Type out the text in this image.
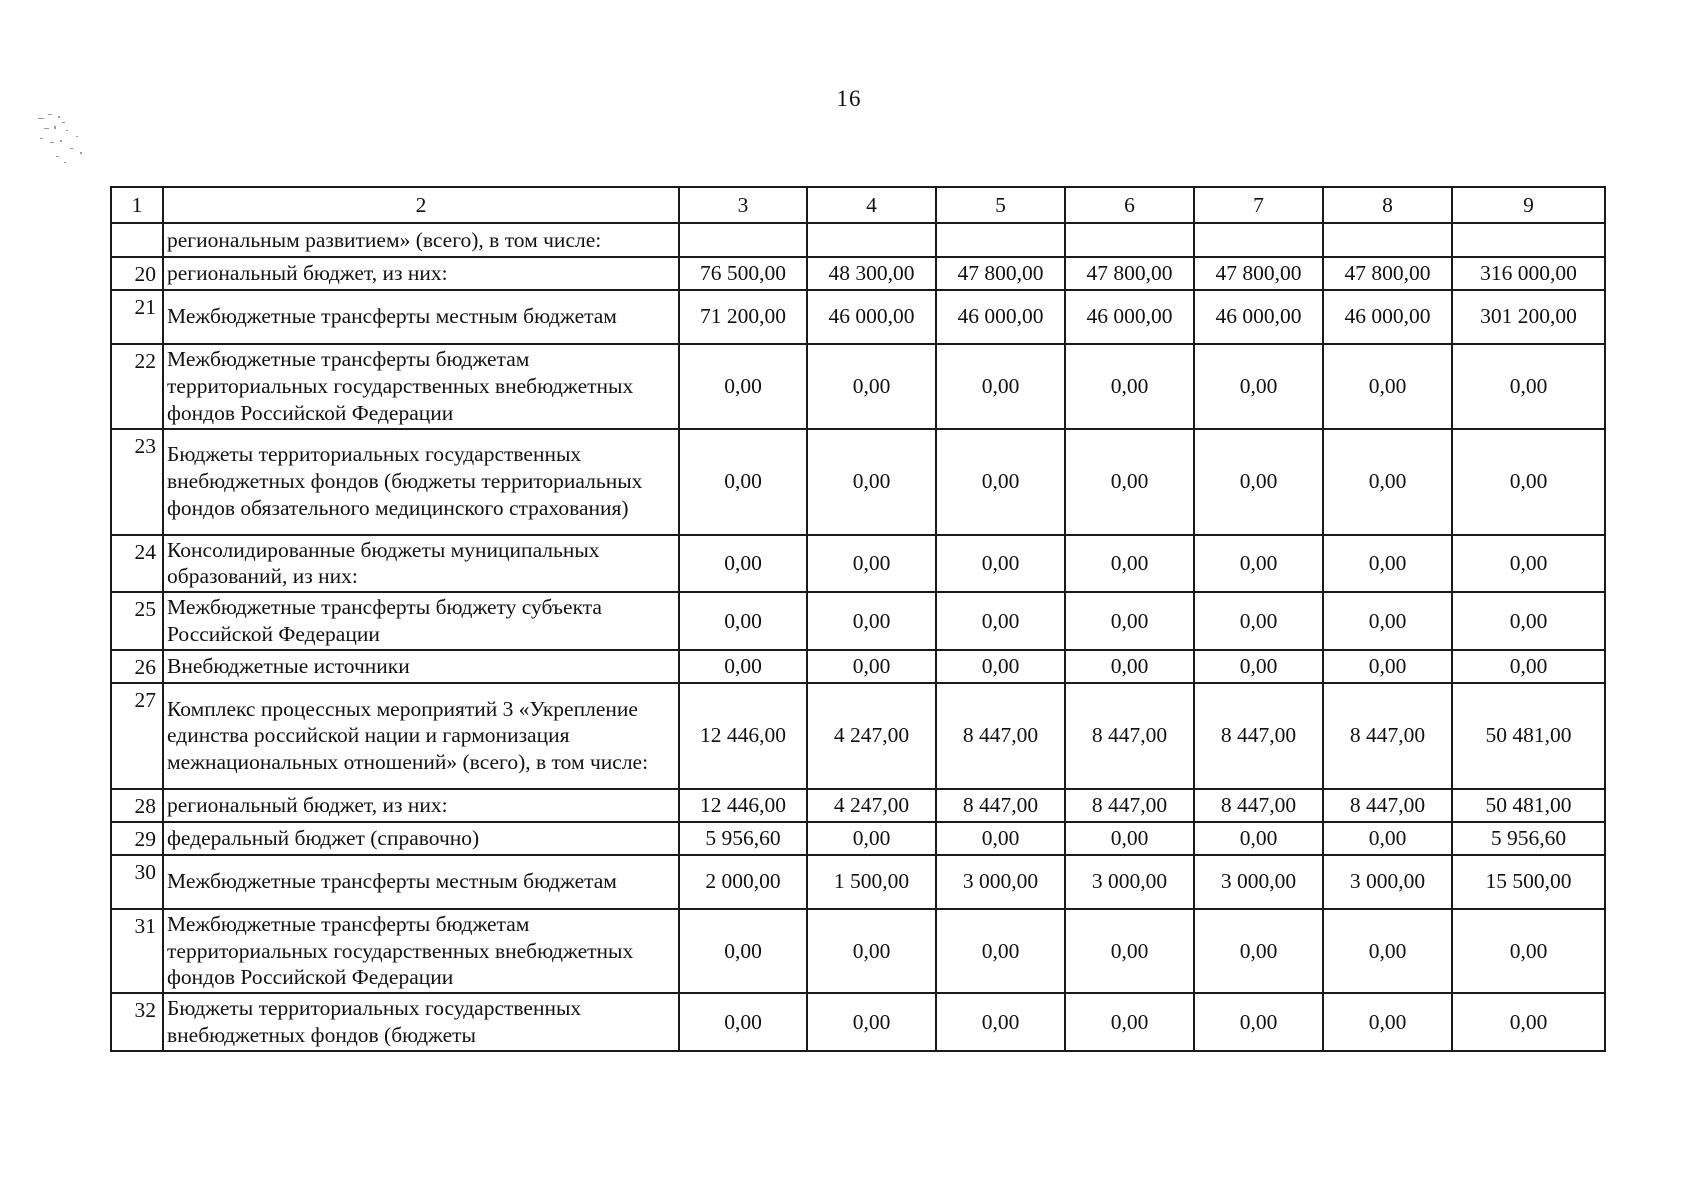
16
1	2	3	4	5	6	7	8	9
	региональным развитием» (всего), в том числе:							
20	региональный бюджет, из них:	76 500,00	48 300,00	47 800,00	47 800,00	47 800,00	47 800,00	316 000,00
21	Межбюджетные трансферты местным бюджетам	71 200,00	46 000,00	46 000,00	46 000,00	46 000,00	46 000,00	301 200,00
22	Межбюджетные трансферты бюджетам территориальных государственных внебюджетных фондов Российской Федерации	0,00	0,00	0,00	0,00	0,00	0,00	0,00
23	Бюджеты территориальных государственных внебюджетных фондов (бюджеты территориальных фондов обязательного медицинского страхования)	0,00	0,00	0,00	0,00	0,00	0,00	0,00
24	Консолидированные бюджеты муниципальных образований, из них:	0,00	0,00	0,00	0,00	0,00	0,00	0,00
25	Межбюджетные трансферты бюджету субъекта Российской Федерации	0,00	0,00	0,00	0,00	0,00	0,00	0,00
26	Внебюджетные источники	0,00	0,00	0,00	0,00	0,00	0,00	0,00
27	Комплекс процессных мероприятий 3 «Укрепление единства российской нации и гармонизация межнациональных отношений» (всего), в том числе:	12 446,00	4 247,00	8 447,00	8 447,00	8 447,00	8 447,00	50 481,00
28	региональный бюджет, из них:	12 446,00	4 247,00	8 447,00	8 447,00	8 447,00	8 447,00	50 481,00
29	федеральный бюджет (справочно)	5 956,60	0,00	0,00	0,00	0,00	0,00	5 956,60
30	Межбюджетные трансферты местным бюджетам	2 000,00	1 500,00	3 000,00	3 000,00	3 000,00	3 000,00	15 500,00
31	Межбюджетные трансферты бюджетам территориальных государственных внебюджетных фондов Российской Федерации	0,00	0,00	0,00	0,00	0,00	0,00	0,00
32	Бюджеты территориальных государственных внебюджетных фондов (бюджеты	0,00	0,00	0,00	0,00	0,00	0,00	0,00
